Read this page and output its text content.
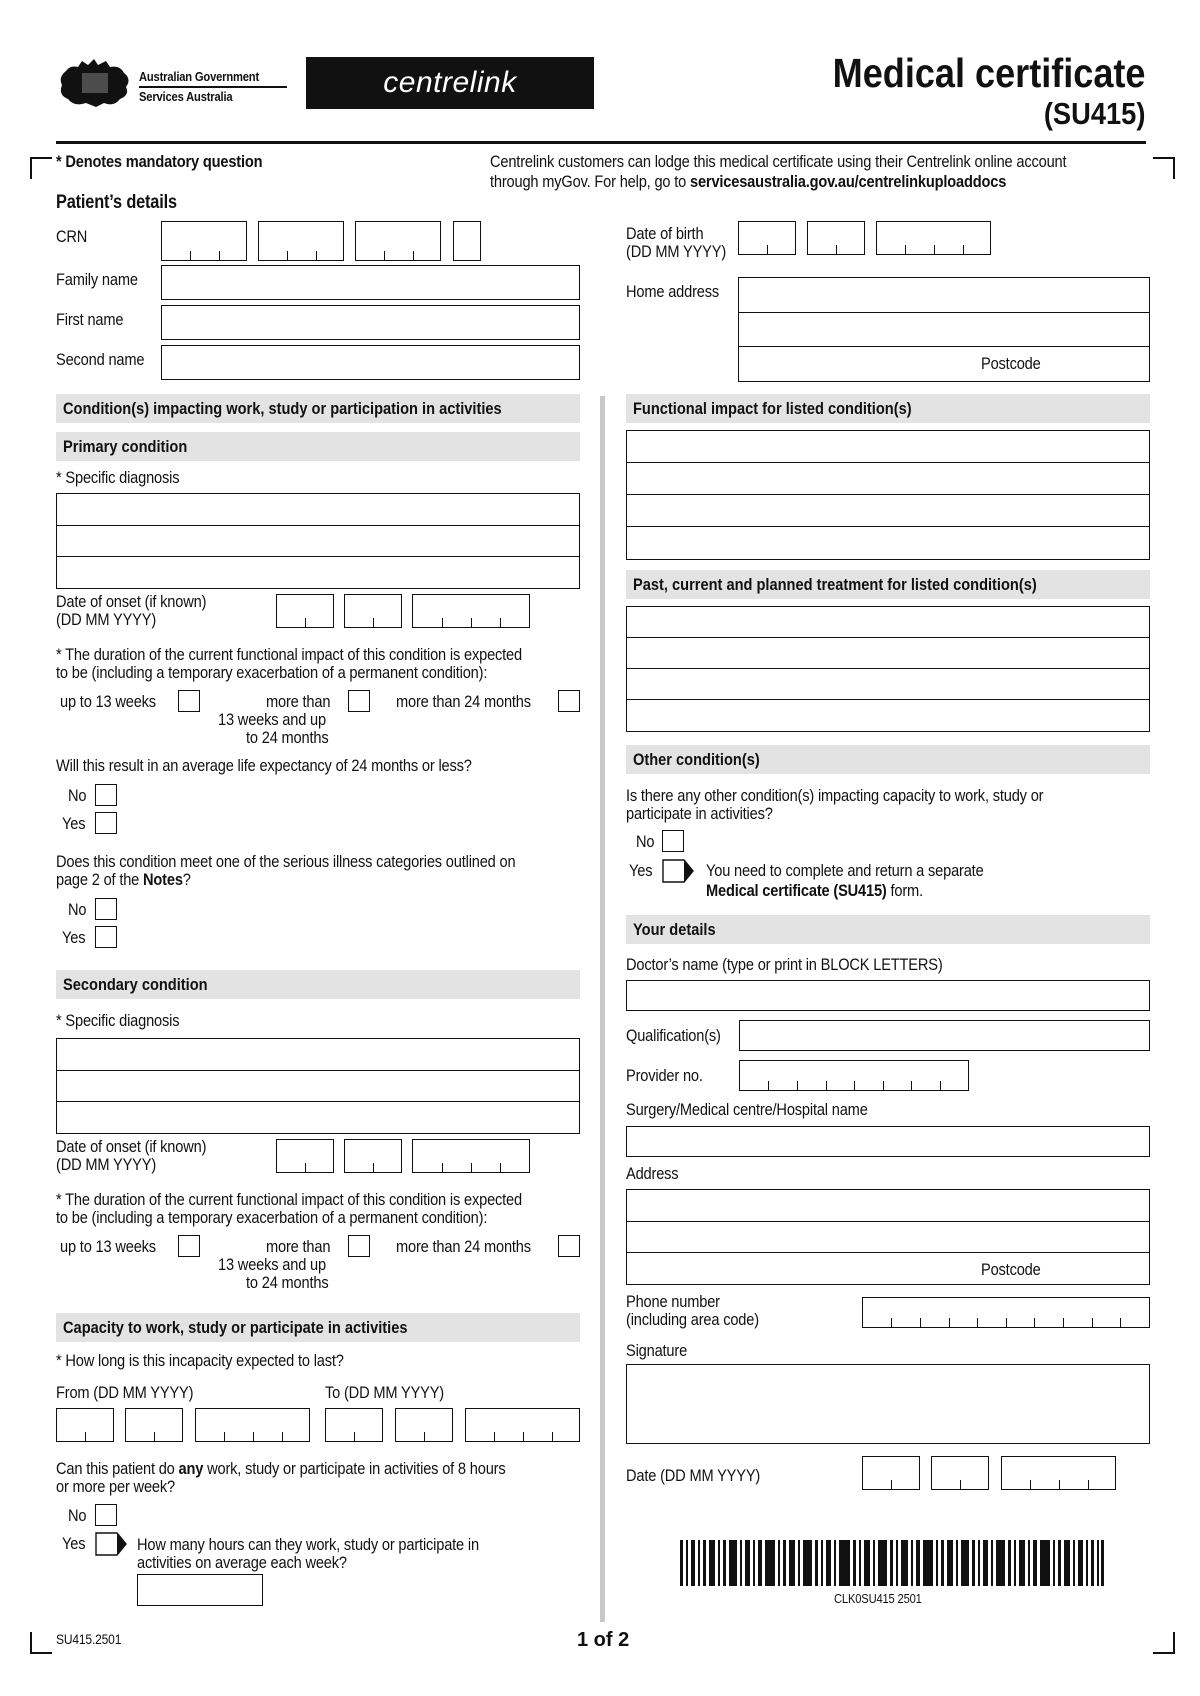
Australian Government
Services Australia	centrelink	Medical certificate
(SU415)
* Denotes mandatory question	Centrelink customers can lodge this medical certificate using their Centrelink online account
through myGov. For help, go to servicesaustralia.gov.au/centrelinkuploaddocs
Patient’s details
CRN
Family name
First name
Second name
Date of birth
(DD MM YYYY)
Home address
Postcode
Condition(s) impacting work, study or participation in activities
Primary condition
* Specific diagnosis
Date of onset (if known)
(DD MM YYYY)
* The duration of the current functional impact of this condition is expected
to be (including a temporary exacerbation of a permanent condition):
up to 13 weeks	more than
13 weeks and up
to 24 months
more than 24 months
Will this result in an average life expectancy of 24 months or less?
No
Yes
Does this condition meet one of the serious illness categories outlined on
page 2 of the Notes?
No
Yes
Secondary condition
* Specific diagnosis
Date of onset (if known)
(DD MM YYYY)
* The duration of the current functional impact of this condition is expected
to be (including a temporary exacerbation of a permanent condition):
up to 13 weeks	more than
13 weeks and up
to 24 months
more than 24 months
Capacity to work, study or participate in activities
* How long is this incapacity expected to last?
From (DD MM YYYY)	To (DD MM YYYY)
Can this patient do any work, study or participate in activities of 8 hours
or more per week?
No
Yes	How many hours can they work, study or participate in
activities on average each week?
Functional impact for listed condition(s)
Past, current and planned treatment for listed condition(s)
Other condition(s)
Is there any other condition(s) impacting capacity to work, study or
participate in activities?
No
Yes	You need to complete and return a separate
Medical certificate (SU415) form.
Your details
Doctor’s name (type or print in BLOCK LETTERS)
Qualification(s)
Provider no.
Surgery/Medical centre/Hospital name
Address
Postcode
Phone number
(including area code)
Signature
Date (DD MM YYYY)
CLK0SU415 2501
SU415.2501	1 of 2
